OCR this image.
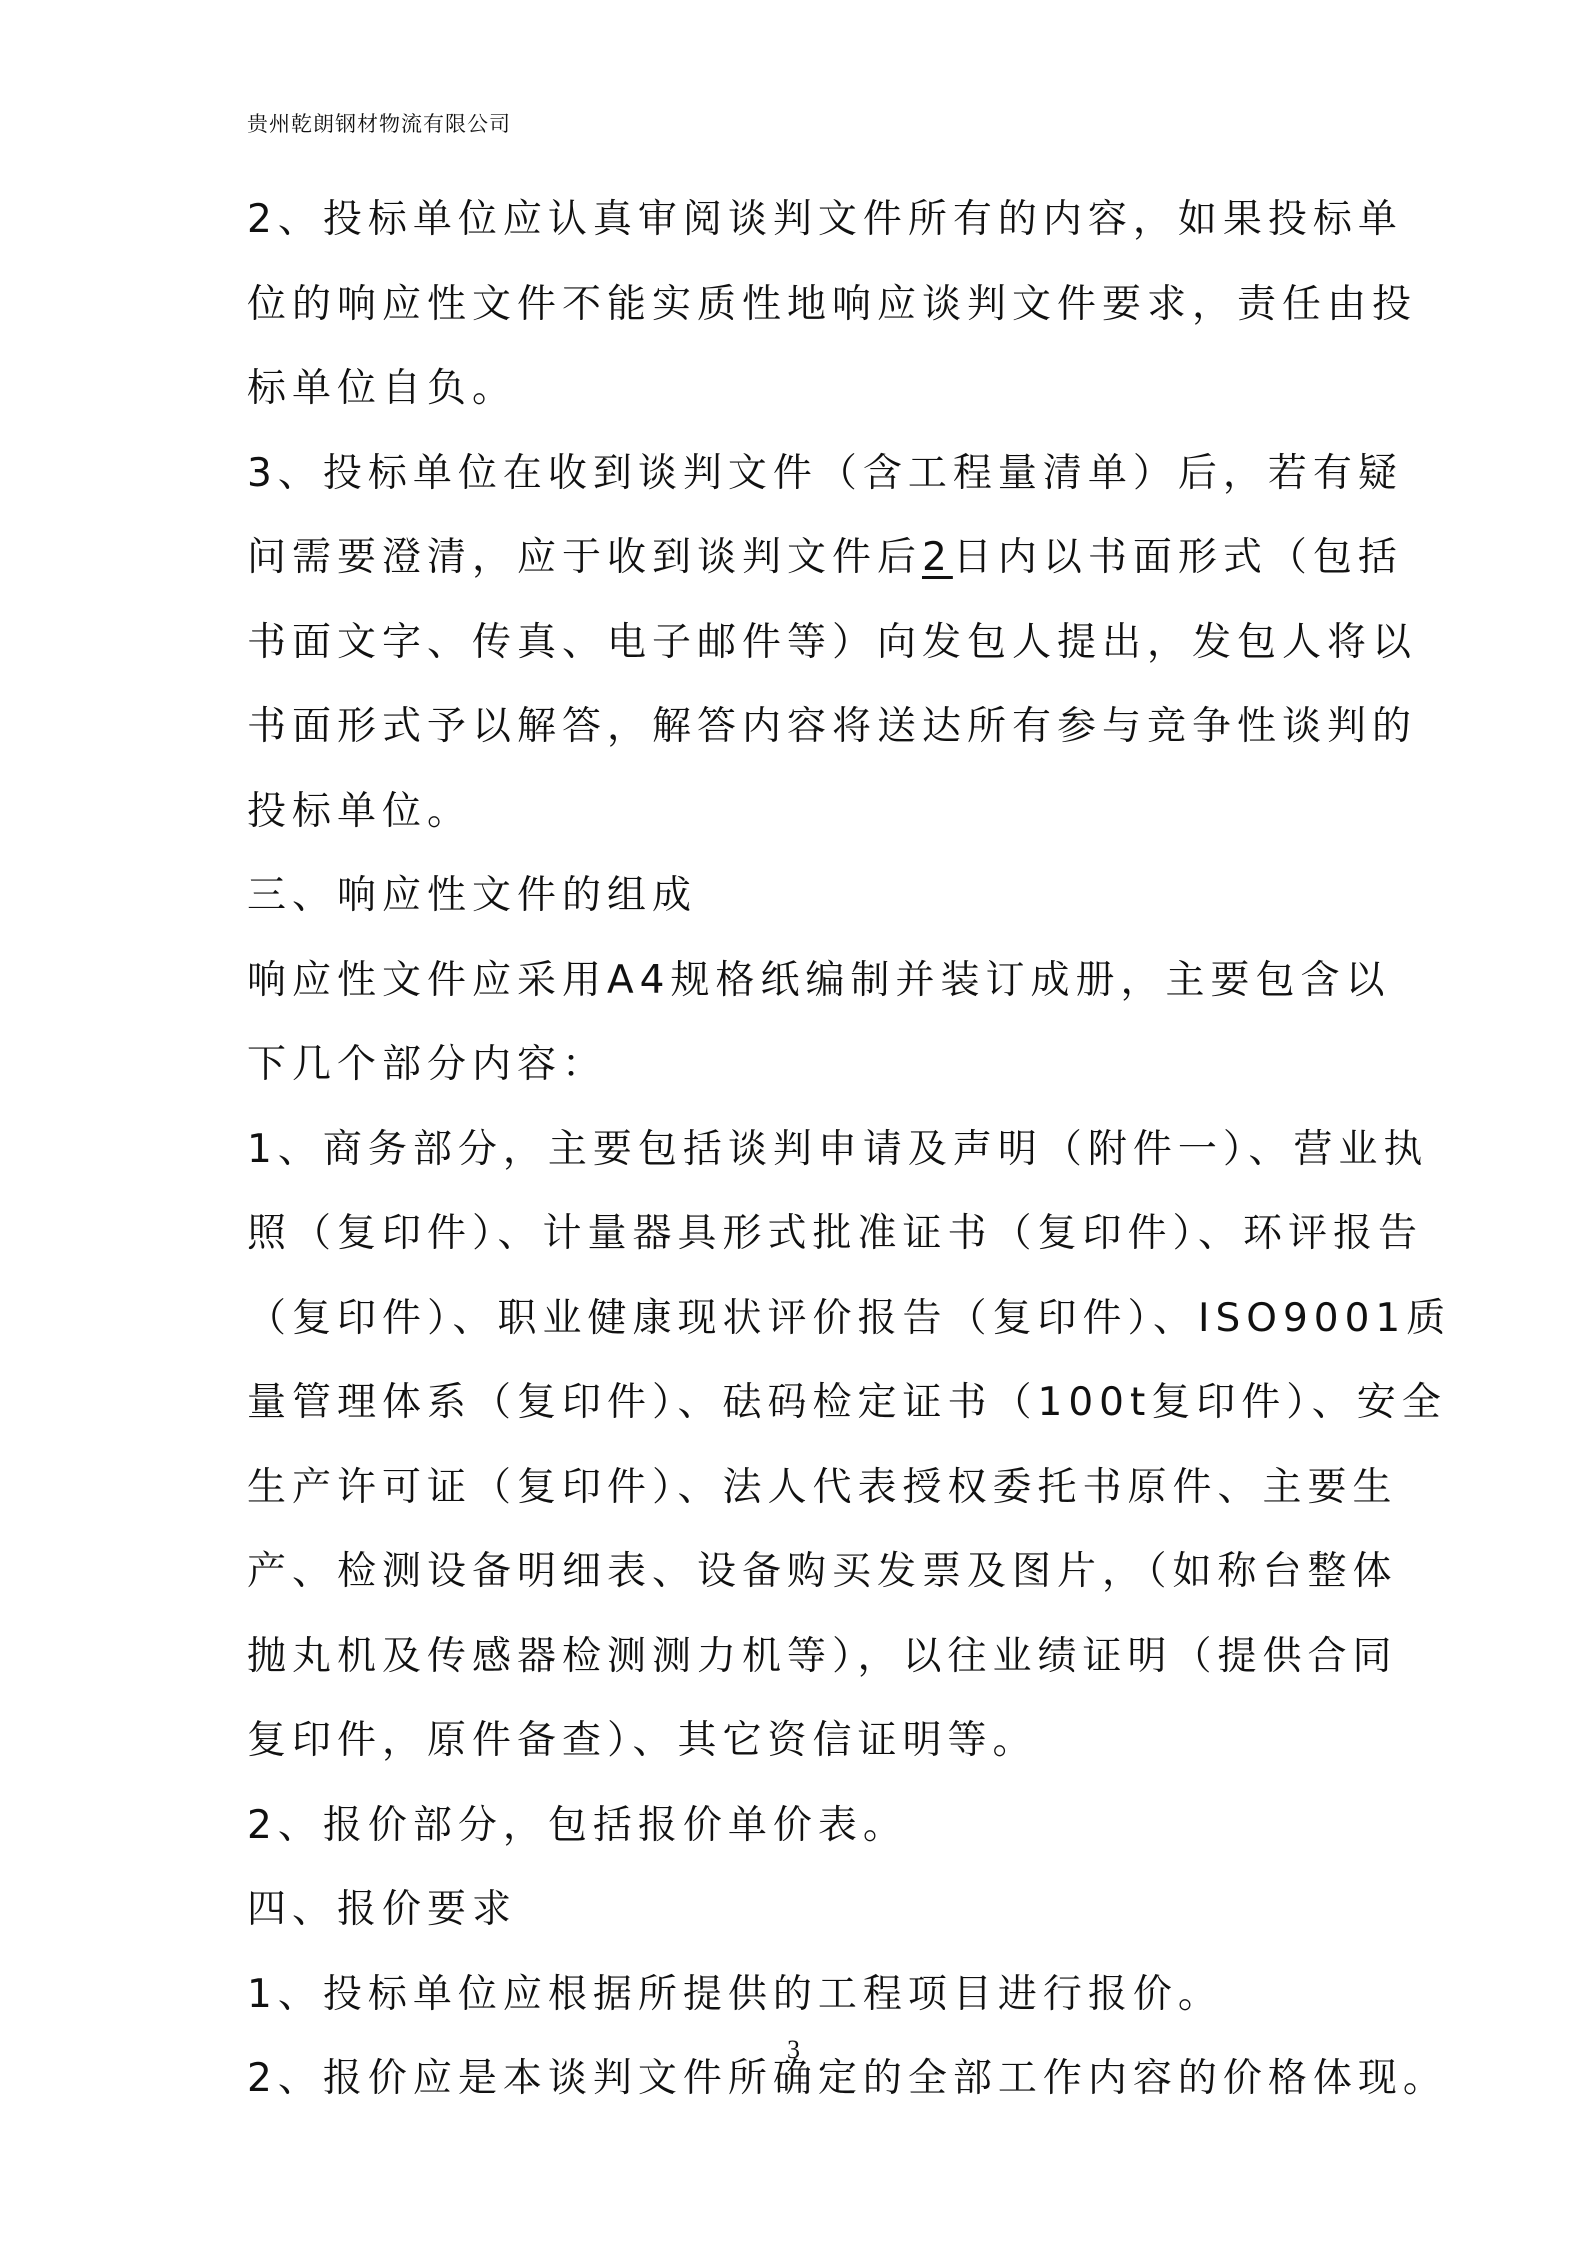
贵州乾朗钢材物流有限公司
2、投标单位应认真审阅谈判文件所有的内容，如果投标单
位的响应性文件不能实质性地响应谈判文件要求，责任由投
标单位自负。
3、投标单位在收到谈判文件（含工程量清单）后，若有疑
问需要澄清，应于收到谈判文件后2日内以书面形式（包括
书面文字、传真、电子邮件等）向发包人提出，发包人将以
书面形式予以解答，解答内容将送达所有参与竞争性谈判的
投标单位。
三、响应性文件的组成
响应性文件应采用A4规格纸编制并装订成册，主要包含以
下几个部分内容：
1、商务部分，主要包括谈判申请及声明（附件一）、营业执
照（复印件）、计量器具形式批准证书（复印件）、环评报告
（复印件）、职业健康现状评价报告（复印件）、ISO9001质
量管理体系（复印件）、砝码检定证书（100t复印件）、安全
生产许可证（复印件）、法人代表授权委托书原件、主要生
产、检测设备明细表、设备购买发票及图片，（如称台整体
抛丸机及传感器检测测力机等），以往业绩证明（提供合同
复印件，原件备查）、其它资信证明等。
2、报价部分，包括报价单价表。
四、报价要求
1、投标单位应根据所提供的工程项目进行报价。
2、报价应是本谈判文件所确定的全部工作内容的价格体现。
3
